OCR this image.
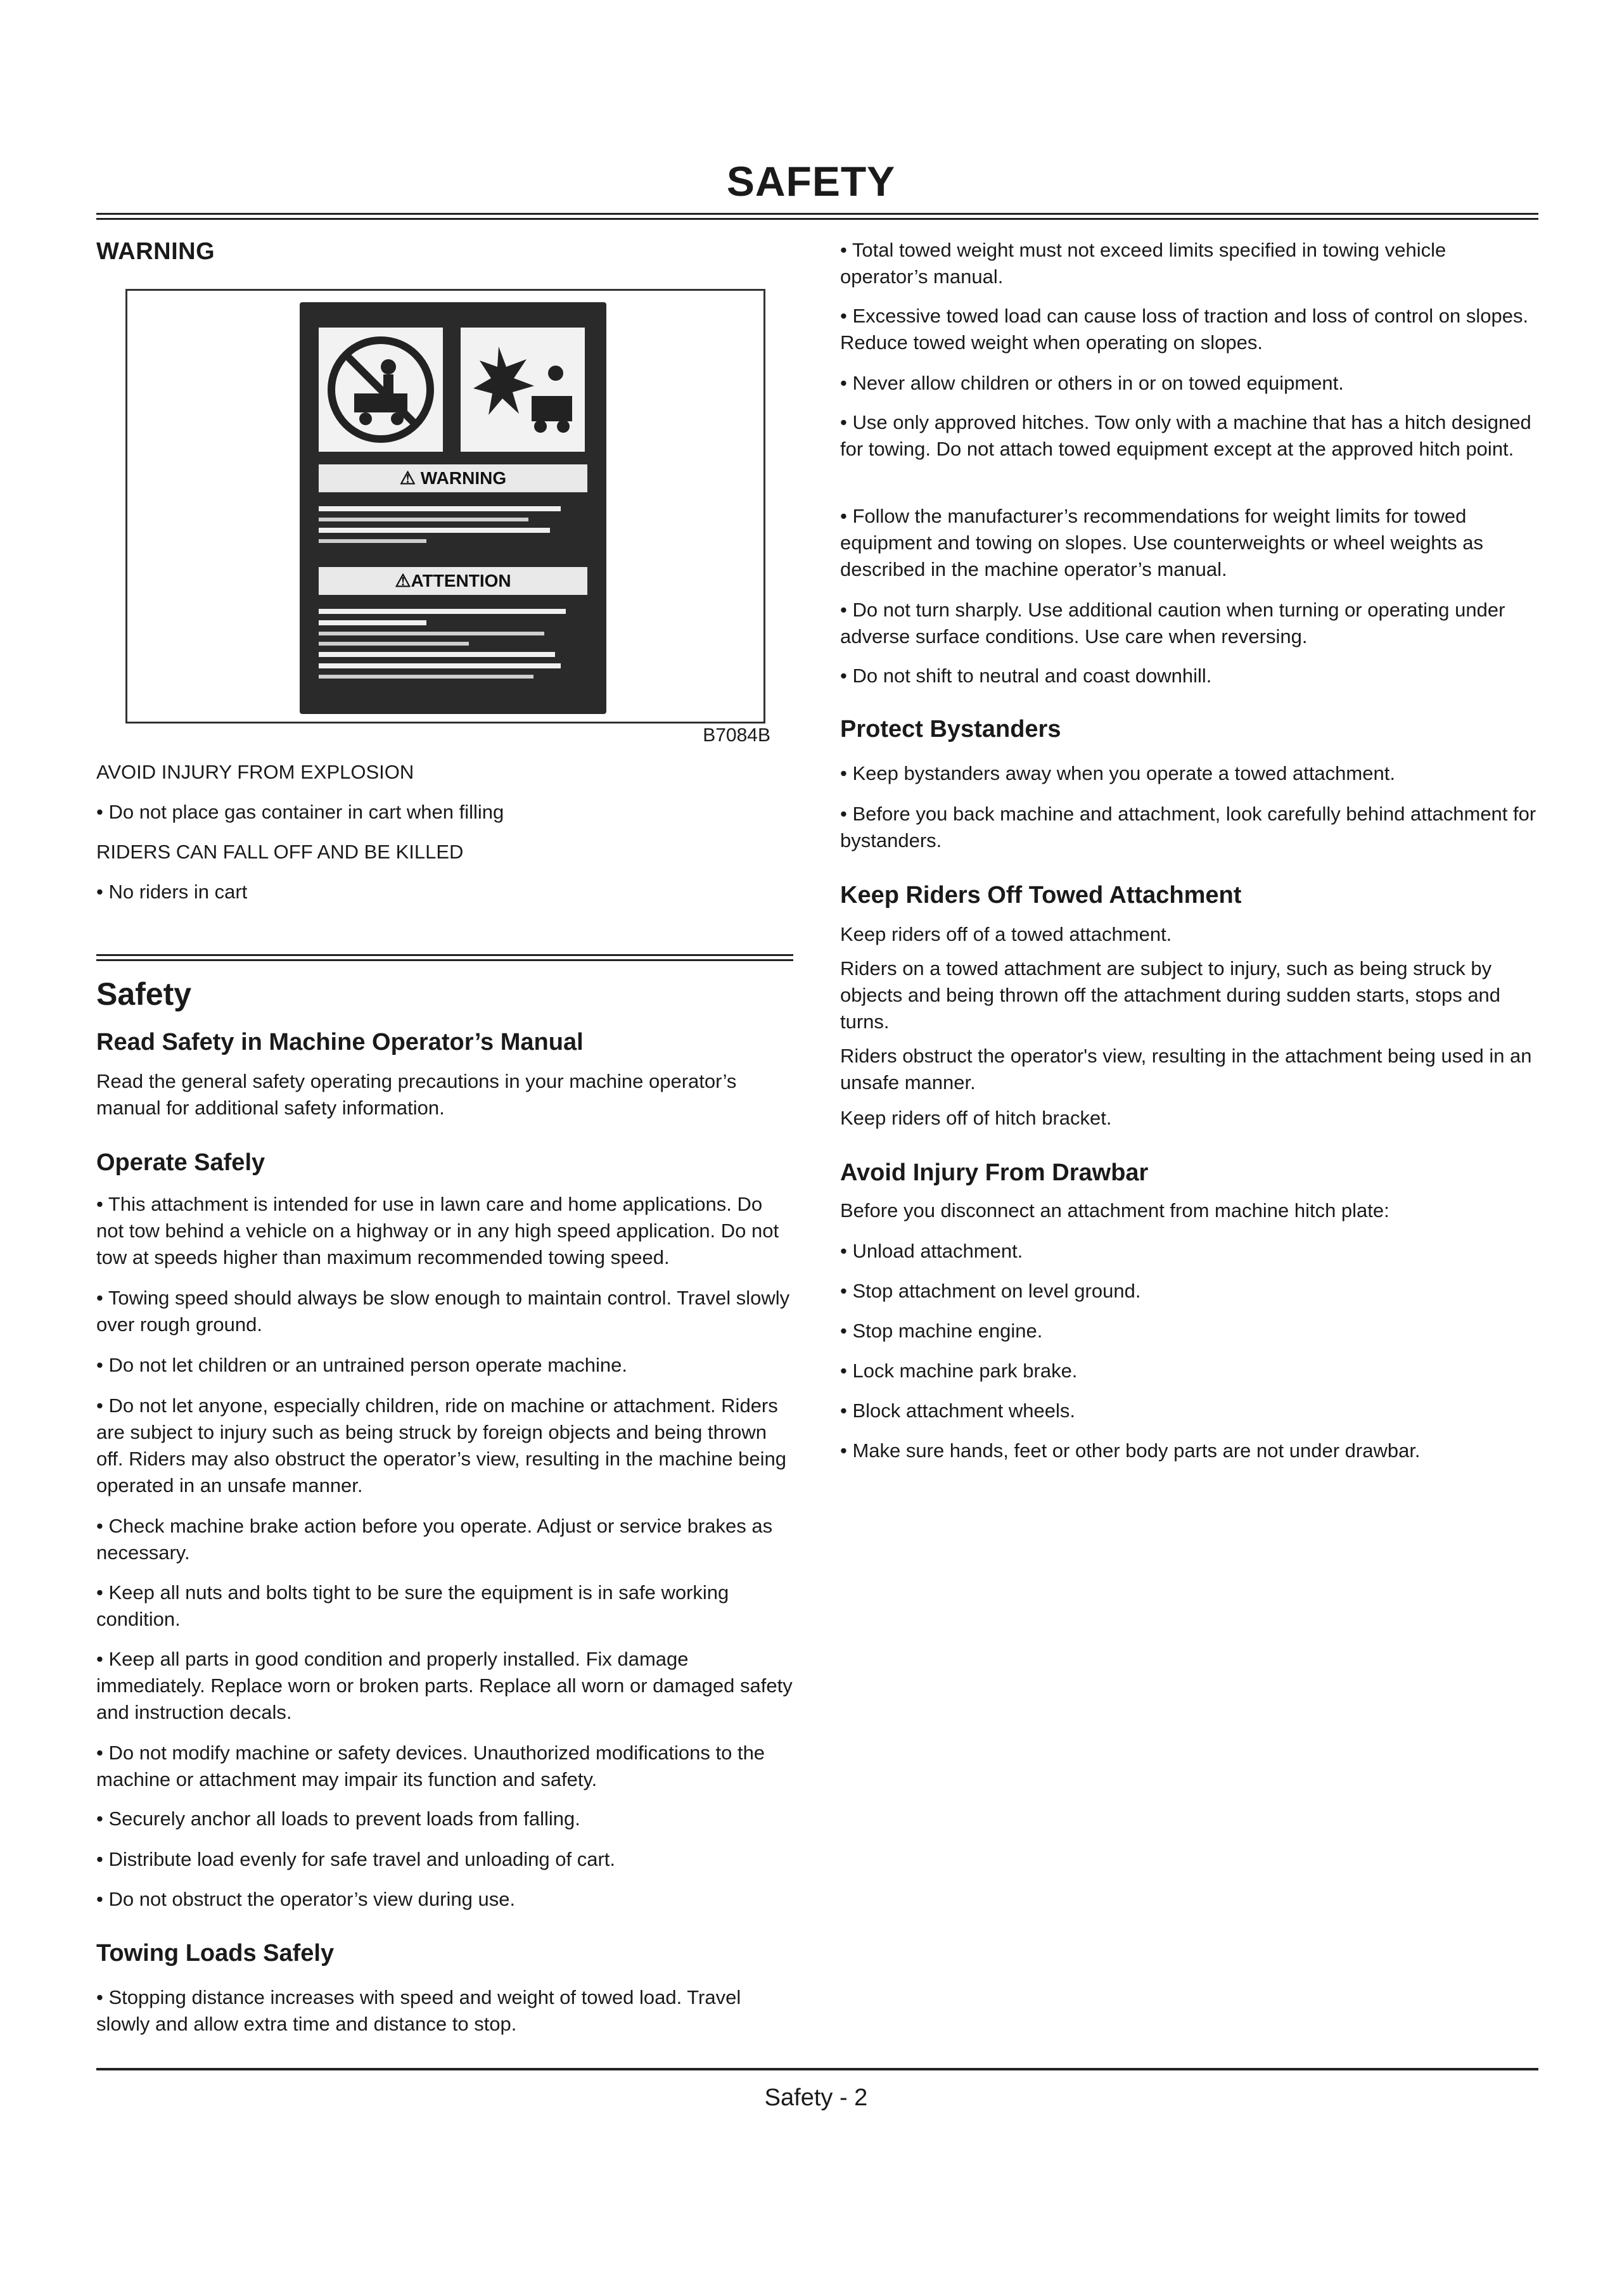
SAFETY
WARNING
⚠ WARNING
⚠ATTENTION
B7084B
AVOID INJURY FROM EXPLOSION
• Do not place gas container in cart when filling
RIDERS CAN FALL OFF AND BE KILLED
• No riders in cart
Safety
Read Safety in Machine Operator’s Manual
Read the general safety operating precautions in your machine operator’s manual for additional safety information.
Operate Safely
• This attachment is intended for use in lawn care and home applications. Do not tow behind a vehicle on a highway or in any high speed application. Do not tow at speeds higher than maximum recommended towing speed.
• Towing speed should always be slow enough to maintain control. Travel slowly over rough ground.
• Do not let children or an untrained person operate machine.
• Do not let anyone, especially children, ride on machine or attachment. Riders are subject to injury such as being struck by foreign objects and being thrown off. Riders may also obstruct the operator’s view, resulting in the machine being operated in an unsafe manner.
• Check machine brake action before you operate. Adjust or service brakes as necessary.
• Keep all nuts and bolts tight to be sure the equipment is in safe working condition.
• Keep all parts in good condition and properly installed. Fix damage immediately. Replace worn or broken parts. Replace all worn or damaged safety and instruction decals.
• Do not modify machine or safety devices. Unauthorized modifications to the machine or attachment may impair its function and safety.
• Securely anchor all loads to prevent loads from falling.
• Distribute load evenly for safe travel and unloading of cart.
• Do not obstruct the operator’s view during use.
Towing Loads Safely
• Stopping distance increases with speed and weight of towed load. Travel slowly and allow extra time and distance to stop.
• Total towed weight must not exceed limits specified in towing vehicle operator’s manual.
• Excessive towed load can cause loss of traction and loss of control on slopes. Reduce towed weight when operating on slopes.
• Never allow children or others in or on towed equipment.
• Use only approved hitches. Tow only with a machine that has a hitch designed for towing. Do not attach towed equipment except at the approved hitch point.
• Follow the manufacturer’s recommendations for weight limits for towed equipment and towing on slopes. Use counterweights or wheel weights as described in the machine operator’s manual.
• Do not turn sharply. Use additional caution when turning or operating under adverse surface conditions. Use care when reversing.
• Do not shift to neutral and coast downhill.
Protect Bystanders
• Keep bystanders away when you operate a towed attachment.
• Before you back machine and attachment, look carefully behind attachment for bystanders.
Keep Riders Off Towed Attachment
Keep riders off of a towed attachment.
Riders on a towed attachment are subject to injury, such as being struck by objects and being thrown off the attachment during sudden starts, stops and turns.
Riders obstruct the operator's view, resulting in the attachment being used in an unsafe manner.
Keep riders off of hitch bracket.
Avoid Injury From Drawbar
Before you disconnect an attachment from machine hitch plate:
• Unload attachment.
• Stop attachment on level ground.
• Stop machine engine.
• Lock machine park brake.
• Block attachment wheels.
• Make sure hands, feet or other body parts are not under drawbar.
Safety - 2
